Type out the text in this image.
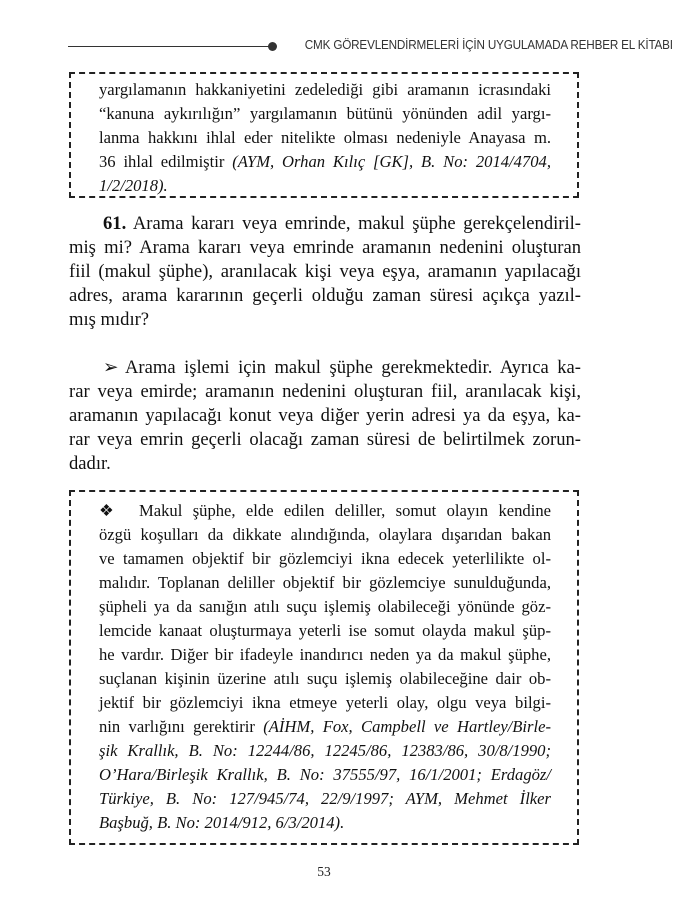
CMK GÖREVLENDİRMELERİ İÇİN UYGULAMADA REHBER EL KİTABI
yargılamanın hakkaniyetini zedelediği gibi aramanın icrasındaki
“kanuna aykırılığın” yargılamanın bütünü yönünden adil yargı-
lanma hakkını ihlal eder nitelikte olması nedeniyle Anayasa m.
36 ihlal edilmiştir (AYM, Orhan Kılıç [GK], B. No: 2014/4704,
1/2/2018).
61. Arama kararı veya emrinde, makul şüphe gerekçelendiril-
miş mi? Arama kararı veya emrinde aramanın nedenini oluşturan
fiil (makul şüphe), aranılacak kişi veya eşya, aramanın yapılacağı
adres, arama kararının geçerli olduğu zaman süresi açıkça yazıl-
mış mıdır?
➢ Arama işlemi için makul şüphe gerekmektedir. Ayrıca ka-
rar veya emirde; aramanın nedenini oluşturan fiil, aranılacak kişi,
aramanın yapılacağı konut veya diğer yerin adresi ya da eşya, ka-
rar veya emrin geçerli olacağı zaman süresi de belirtilmek zorun-
dadır.
❖ Makul şüphe, elde edilen deliller, somut olayın kendine
özgü koşulları da dikkate alındığında, olaylara dışarıdan bakan
ve tamamen objektif bir gözlemciyi ikna edecek yeterlilikte ol-
malıdır. Toplanan deliller objektif bir gözlemciye sunulduğunda,
şüpheli ya da sanığın atılı suçu işlemiş olabileceği yönünde göz-
lemcide kanaat oluşturmaya yeterli ise somut olayda makul şüp-
he vardır. Diğer bir ifadeyle inandırıcı neden ya da makul şüphe,
suçlanan kişinin üzerine atılı suçu işlemiş olabileceğine dair ob-
jektif bir gözlemciyi ikna etmeye yeterli olay, olgu veya bilgi-
nin varlığını gerektirir (AİHM, Fox, Campbell ve Hartley/Birle-
şik Krallık, B. No: 12244/86, 12245/86, 12383/86, 30/8/1990;
O’Hara/Birleşik Krallık, B. No: 37555/97, 16/1/2001; Erdagöz/
Türkiye, B. No: 127/945/74, 22/9/1997; AYM, Mehmet İlker
Başbuğ, B. No: 2014/912, 6/3/2014).
53
